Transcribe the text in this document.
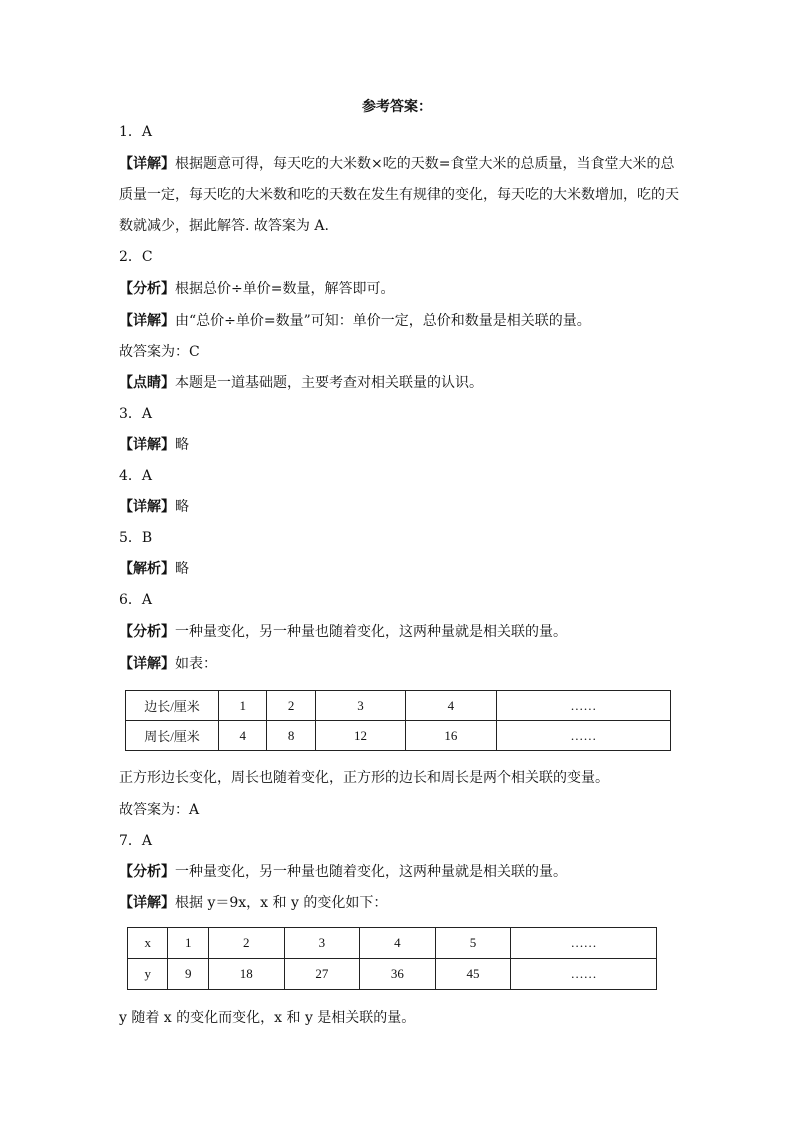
参考答案：
1．A
【详解】根据题意可得，每天吃的大米数×吃的天数=食堂大米的总质量，当食堂大米的总质量一定，每天吃的大米数和吃的天数在发生有规律的变化，每天吃的大米数增加，吃的天数就减少，据此解答. 故答案为 A.
2．C
【分析】根据总价÷单价=数量，解答即可。
【详解】由“总价÷单价=数量”可知：单价一定，总价和数量是相关联的量。
故答案为：C
【点睛】本题是一道基础题，主要考查对相关联量的认识。
3．A
【详解】略
4．A
【详解】略
5．B
【解析】略
6．A
【分析】一种量变化，另一种量也随着变化，这两种量就是相关联的量。
【详解】如表：
边长/厘米	1	2	3	4	……
周长/厘米	4	8	12	16	……
正方形边长变化，周长也随着变化，正方形的边长和周长是两个相关联的变量。
故答案为：A
7．A
【分析】一种量变化，另一种量也随着变化，这两种量就是相关联的量。
【详解】根据 y＝9x，x 和 y 的变化如下：
x	1	2	3	4	5	……
y	9	18	27	36	45	……
y 随着 x 的变化而变化，x 和 y 是相关联的量。
